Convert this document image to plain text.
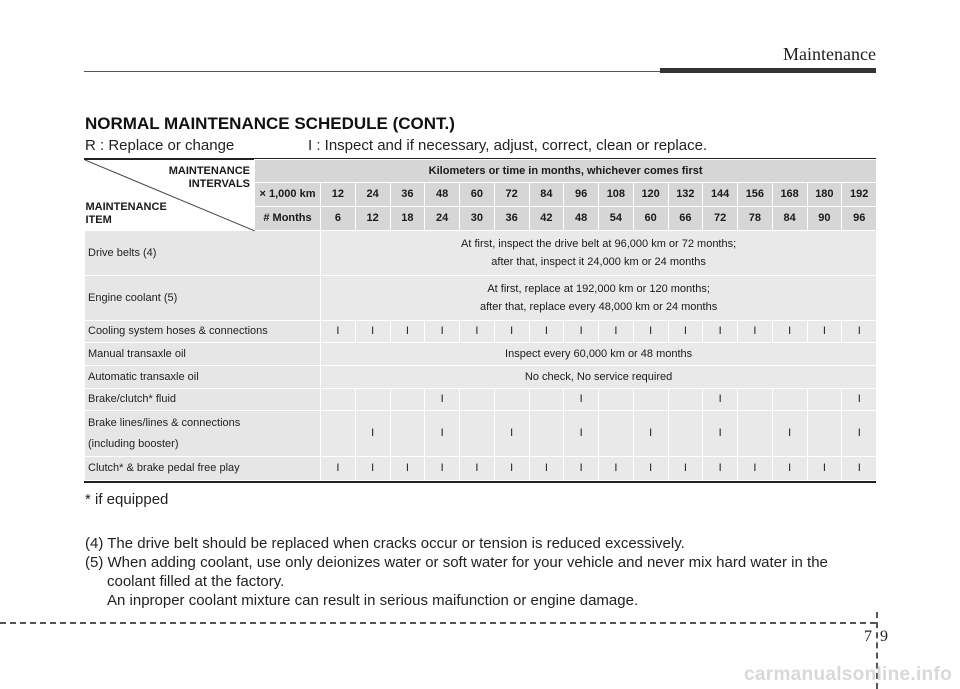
Maintenance
NORMAL MAINTENANCE SCHEDULE (CONT.)
R : Replace or change	I : Inspect and if necessary, adjust, correct, clean or replace.
MAINTENANCE
INTERVALS
MAINTENANCE
ITEM	Kilometers or time in months, whichever comes first																
	× 1,000 km	12	24	36	48	60	72	84	96	108	120	132	144	156	168	180	192
	# Months	6	12	18	24	30	36	42	48	54	60	66	72	78	84	90	96
Drive belts (4)		At first, inspect the drive belt at 96,000 km or 72 months;
after that, inspect it 24,000 km or 24 months															

Engine coolant (5)		At first, replace at 192,000 km or 120 months;
after that, replace every 48,000 km or 24 months															

Cooling system hoses & connections		I	I	I	I	I	I	I	I	I	I	I	I	I	I	I	I
Manual transaxle oil		Inspect every 60,000 km or 48 months															
Automatic transaxle oil		No check, No service required															
Brake/clutch* fluid					I				I				I				I

Brake lines/lines & connections
(including booster)			I		I		I		I		I		I		I		I
Clutch* & brake pedal free play		I	I	I	I	I	I	I	I	I	I	I	I	I	I	I	I
* if equipped
(4) The drive belt should be replaced when cracks occur or tension is reduced excessively.
(5) When adding coolant, use only deionizes water or soft water for your vehicle and never mix hard water in the
coolant filled at the factory.
An inproper coolant mixture can result in serious maifunction or engine damage.
7 9
carmanualsonline.info
